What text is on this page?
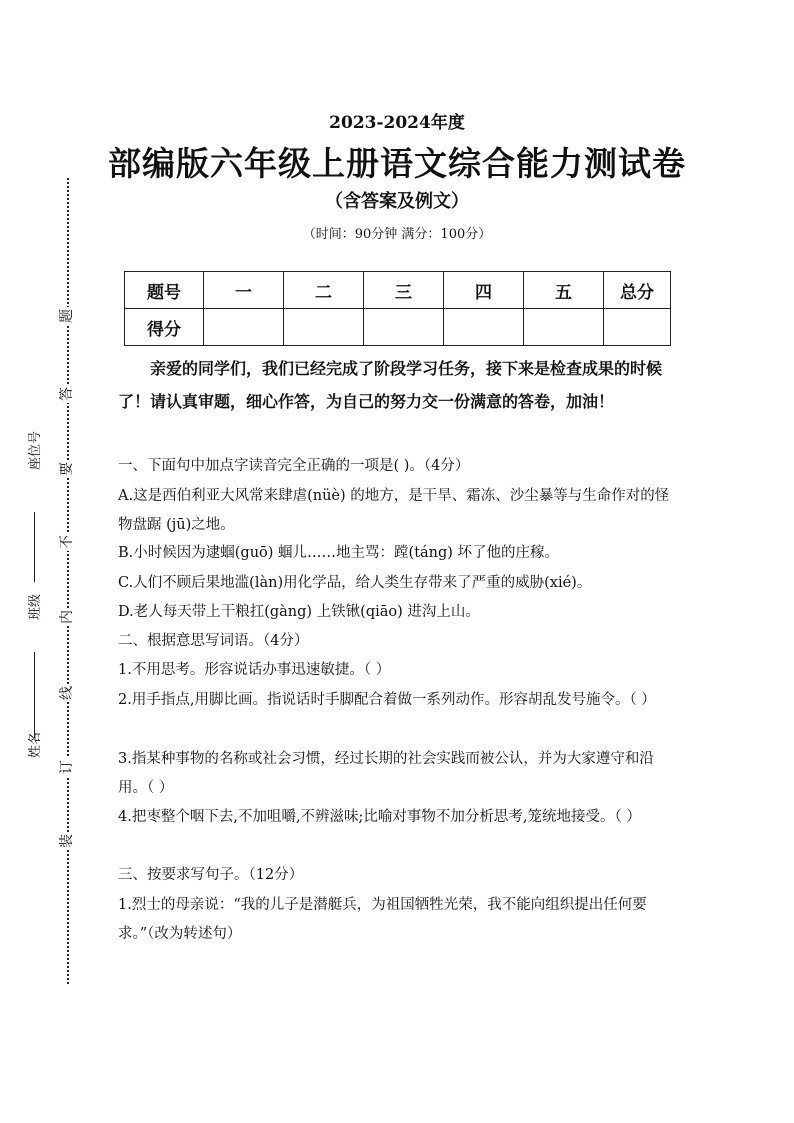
题
答
要
不
内
线
订
装
座位号
班级
姓名
2023-2024年度
部编版六年级上册语文综合能力测试卷
（含答案及例文）
（时间：90分钟 满分：100分）
题号	一	二	三	四	五	总分
得分						
亲爱的同学们，我们已经完成了阶段学习任务，接下来是检查成果的时候了！请认真审题，细心作答，为自己的努力交一份满意的答卷，加油！
一、下面句中加点字读音完全正确的一项是( )。（4分）
A.这是西伯利亚大风常来肆虐(nüè) 的地方，是干旱、霜冻、沙尘暴等与生命作对的怪物盘踞 (jū)之地。
B.小时候因为逮蝈(guō) 蝈儿……地主骂：蹚(táng) 坏了他的庄稼。
C.人们不顾后果地滥(làn)用化学品，给人类生存带来了严重的威胁(xié)。
D.老人每天带上干粮扛(gàng) 上铁锹(qiāo) 进沟上山。
二、根据意思写词语。（4分）
1.不用思考。形容说话办事迅速敏捷。（ ）
2.用手指点,用脚比画。指说话时手脚配合着做一系列动作。形容胡乱发号施令。（ ）
3.指某种事物的名称或社会习惯，经过长期的社会实践而被公认，并为大家遵守和沿用。（ ）
4.把枣整个咽下去,不加咀嚼,不辨滋味;比喻对事物不加分析思考,笼统地接受。（ ）
三、按要求写句子。（12分）
1.烈士的母亲说：“我的儿子是潜艇兵，为祖国牺牲光荣，我不能向组织提出任何要求。”（改为转述句）
